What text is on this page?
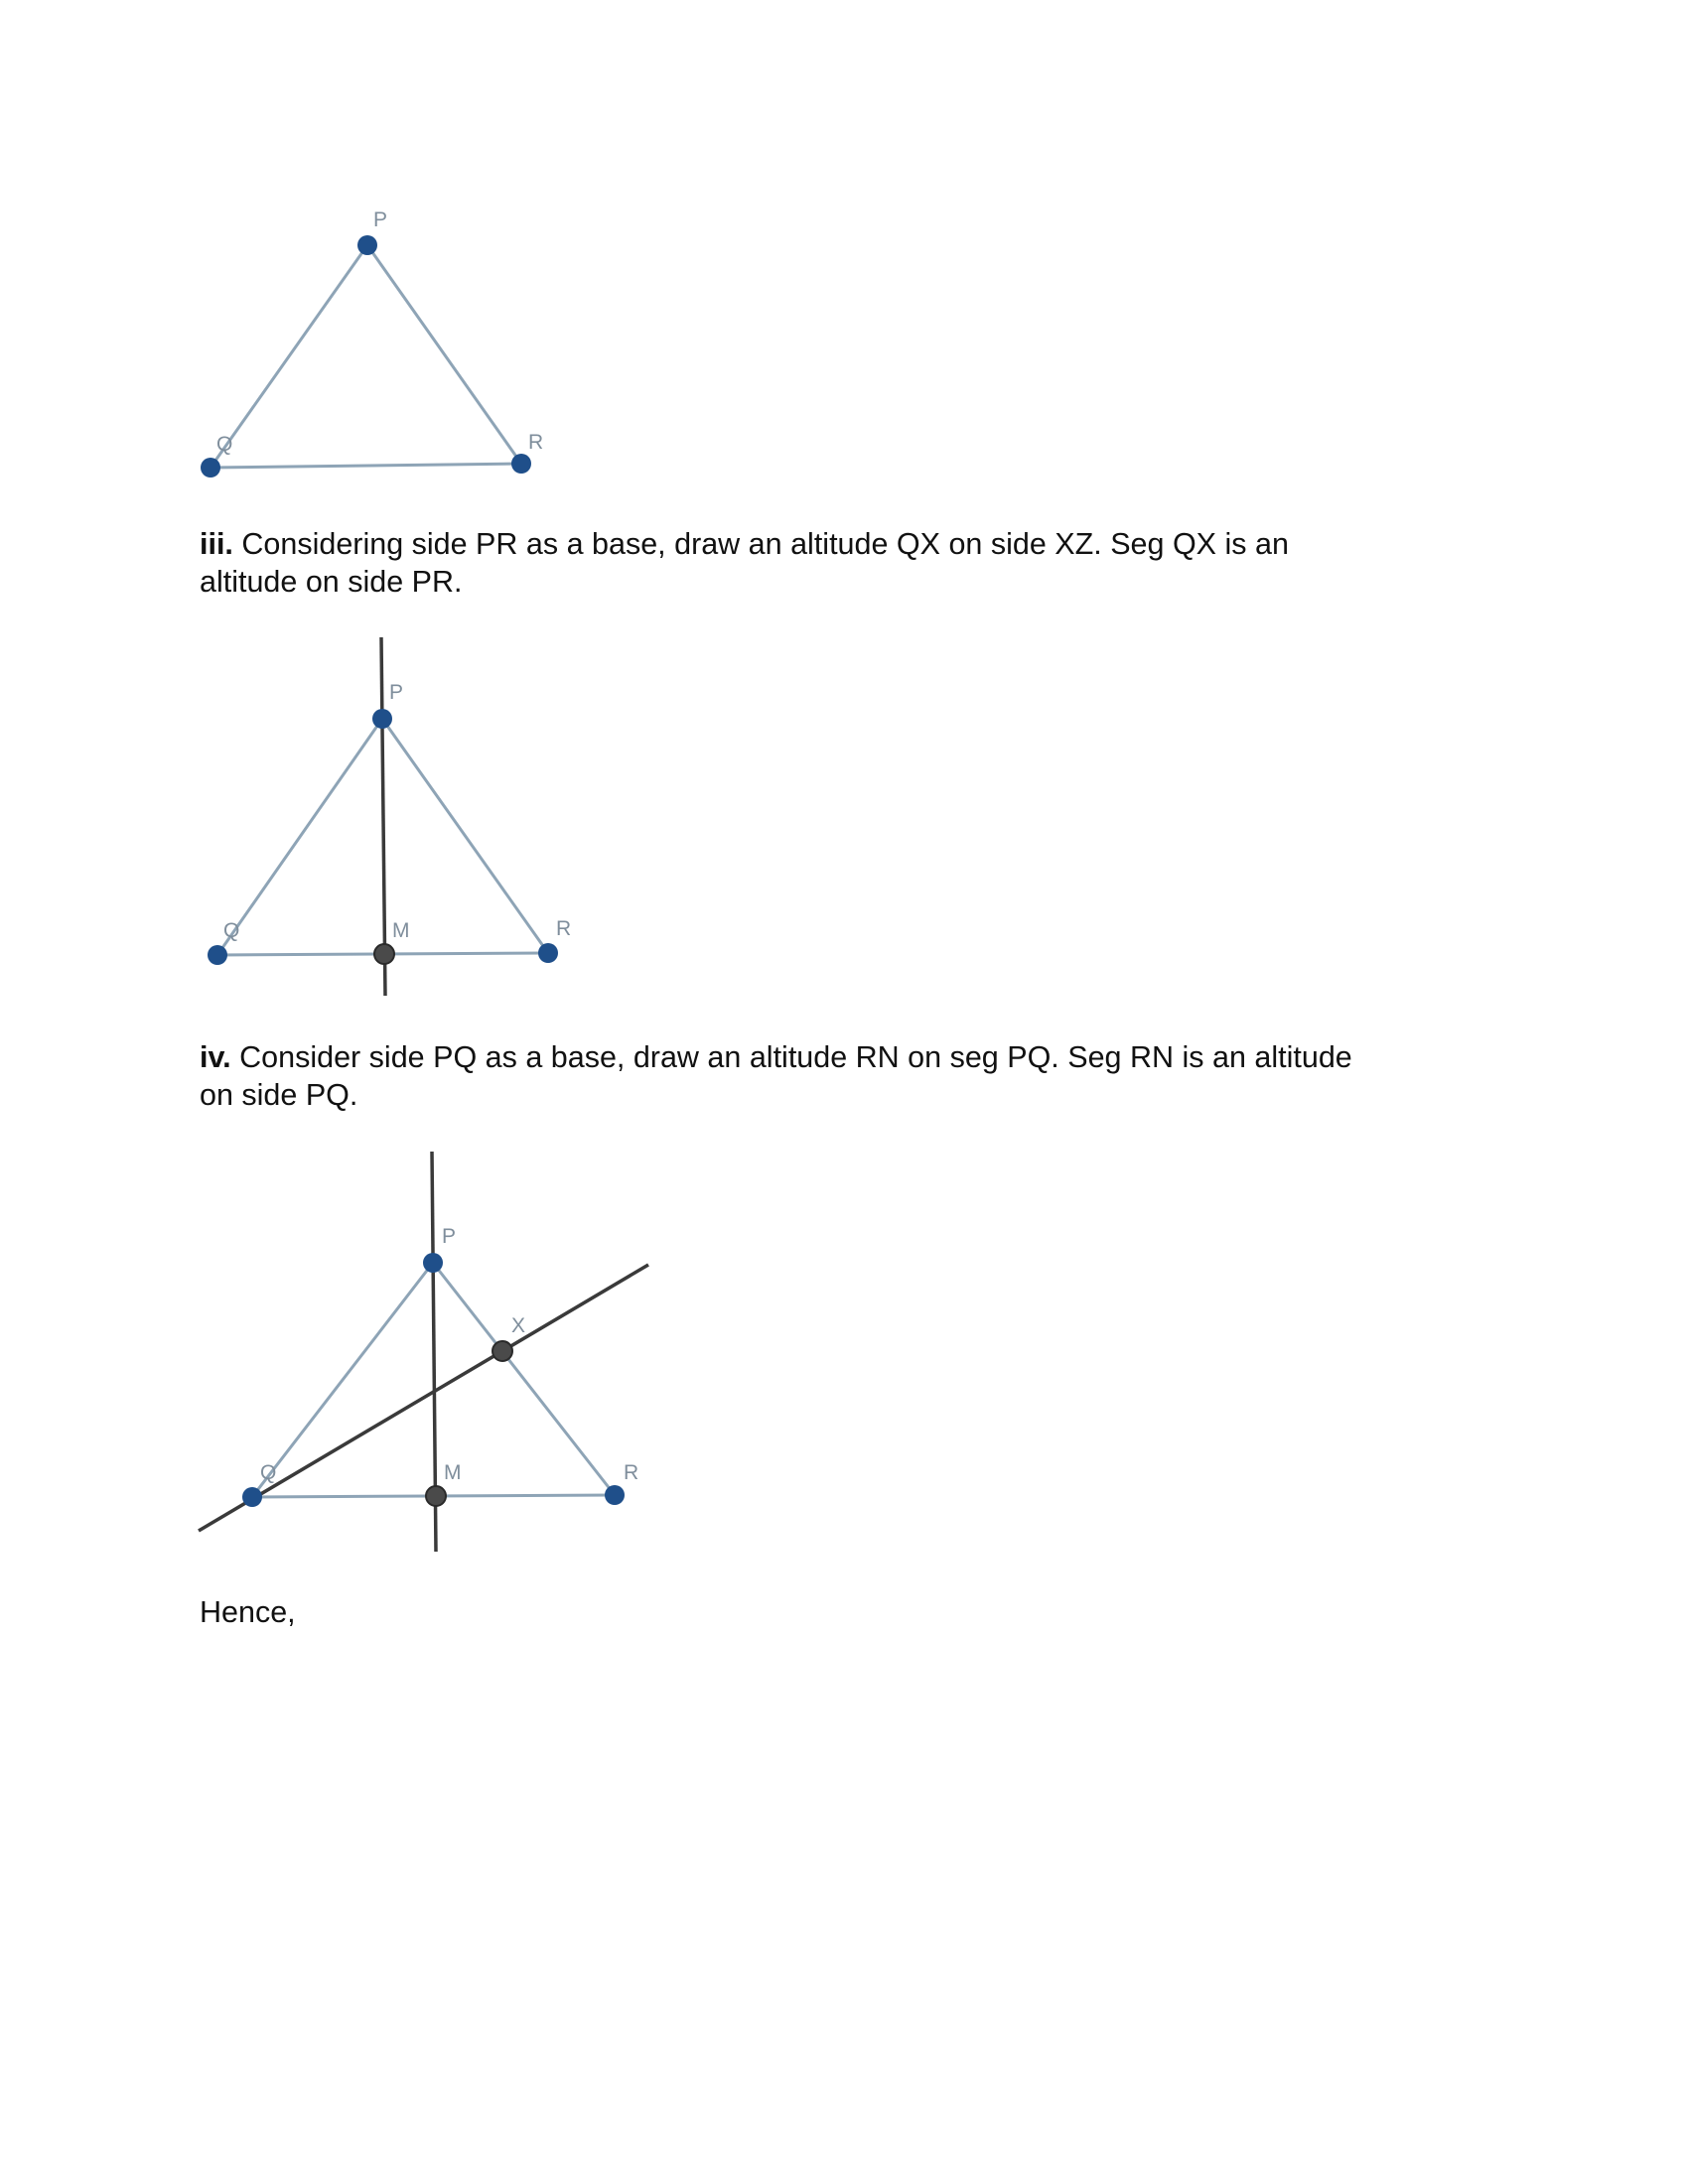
P
Q	R

iii. Considering side PR as a base, draw an altitude QX on side XZ. Seg QX is an
altitude on side PR.

P
Q	R
M

iv. Consider side PQ as a base, draw an altitude RN on seg PQ. Seg RN is an altitude
on side PQ.

P
Q	R
M
X

Hence,
